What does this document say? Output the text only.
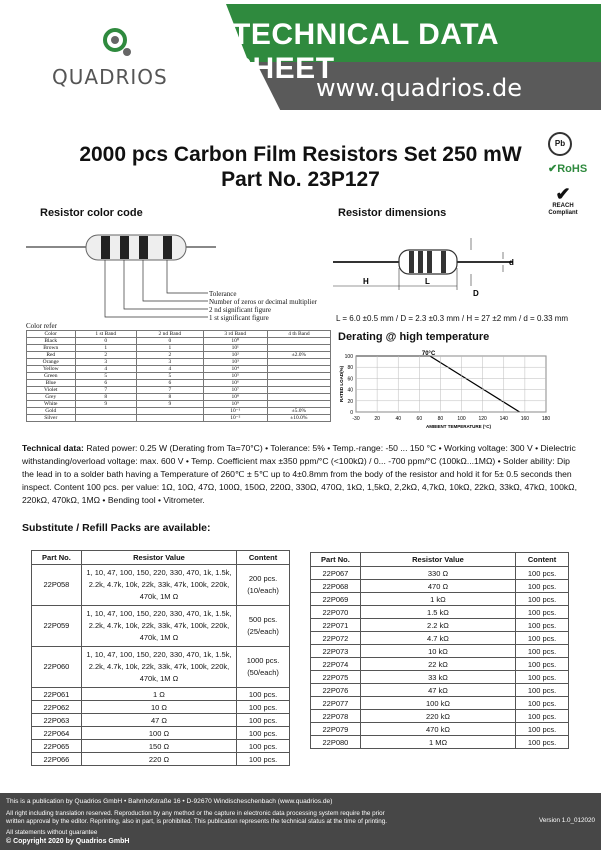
QUADRIOS
TECHNICAL DATA SHEET
www.quadrios.de
2000 pcs Carbon Film Resistors Set 250 mW
Part No. 23P127
Pb
✔RoHS
✔
REACH
Compliant
Resistor color code
Tolerance
Number of zeros or decimal multiplier
2 nd significant figure
1 st significant figure
Color refer
Color	1 st Band	2 nd Band	3 rd Band	4 th Band
Black	0	0	10⁰	
Brown	1	1	10¹	
Red	2	2	10²	±2.0%
Orange	3	3	10³	
Yellow	4	4	10⁴	
Green	5	5	10⁵	
Blue	6	6	10⁶	
Violet	7	7	10⁷	
Grey	8	8	10⁸	
White	9	9	10⁹	
Gold			10⁻¹	±5.0%
Silver			10⁻²	±10.0%
Resistor dimensions
H	L
d
D
L = 6.0 ±0.5 mm / D = 2.3 ±0.3 mm / H = 27 ±2 mm / d = 0.33 mm
Derating @ high temperature
180
160
140
120
100
80
60
40
20
-30
0
20
40
60
80
100
RATED LOAD(%)
AMBIENT TEMPERATURE (°C)
70°C
Technical data: Rated power: 0.25 W (Derating from Ta=70°C) • Tolerance: 5% • Temp.-range: -50 ... 150 °C • Working voltage: 300 V • Dielectric withstanding/overload voltage: max. 600 V • Temp. Coefficient max ±350 ppm/°C (<100kΩ) / 0... -700 ppm/°C (100kΩ...1MΩ) • Solder ability: Dip the lead in to a solder bath having a Temperature of 260℃ ± 5℃ up to 4±0.8mm from the body of the resistor and hold it for 5± 0.5 seconds then inspect. Content 100 pcs. per value: 1Ω, 10Ω, 47Ω, 100Ω, 150Ω, 220Ω, 330Ω, 470Ω, 1kΩ, 1,5kΩ, 2,2kΩ, 4,7kΩ, 10kΩ, 22kΩ, 33kΩ, 47kΩ, 100kΩ, 220kΩ, 470kΩ, 1MΩ • Bending tool • Vitrometer.
Substitute / Refill Packs are available:
Part No.	Resistor Value	Content
22P058	1, 10, 47, 100, 150, 220, 330, 470, 1k, 1.5k, 2.2k, 4.7k, 10k, 22k, 33k, 47k, 100k, 220k, 470k, 1M Ω	200 pcs. (10/each)
22P059	1, 10, 47, 100, 150, 220, 330, 470, 1k, 1.5k, 2.2k, 4.7k, 10k, 22k, 33k, 47k, 100k, 220k, 470k, 1M Ω	500 pcs. (25/each)
22P060	1, 10, 47, 100, 150, 220, 330, 470, 1k, 1.5k, 2.2k, 4.7k, 10k, 22k, 33k, 47k, 100k, 220k, 470k, 1M Ω	1000 pcs. (50/each)
22P061	1 Ω	100 pcs.
22P062	10 Ω	100 pcs.
22P063	47 Ω	100 pcs.
22P064	100 Ω	100 pcs.
22P065	150 Ω	100 pcs.
22P066	220 Ω	100 pcs.
Part No.	Resistor Value	Content
22P067	330 Ω	100 pcs.
22P068	470 Ω	100 pcs.
22P069	1 kΩ	100 pcs.
22P070	1.5 kΩ	100 pcs.
22P071	2.2 kΩ	100 pcs.
22P072	4.7 kΩ	100 pcs.
22P073	10 kΩ	100 pcs.
22P074	22 kΩ	100 pcs.
22P075	33 kΩ	100 pcs.
22P076	47 kΩ	100 pcs.
22P077	100 kΩ	100 pcs.
22P078	220 kΩ	100 pcs.
22P079	470 kΩ	100 pcs.
22P080	1 MΩ	100 pcs.
This is a publication by Quadrios GmbH • Bahnhofstraße 16 • D-92670 Windischeschenbach (www.quadrios.de)
All right including translation reserved. Reproduction by any method or the capture in electronic data processing system require the prior
written approval by the editor. Reprinting, also in part, is prohibited. This publication represents the technical status at the time of printing.
All statements without guarantee
© Copyright 2020 by Quadrios GmbH
Version 1.0_012020
